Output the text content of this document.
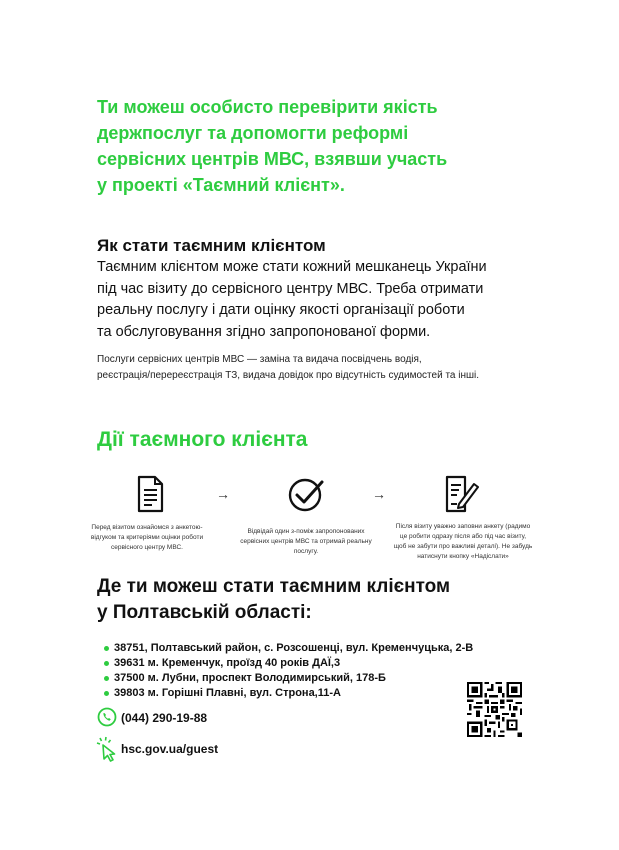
Ти можеш особисто перевірити якість
держпослуг та допомогти реформі
сервісних центрів МВС, взявши участь
у проекті «Таємний клієнт».
Як стати таємним клієнтом
Таємним клієнтом може стати кожний мешканець України
під час візиту до сервісного центру МВС. Треба отримати
реальну послугу і дати оцінку якості організації роботи
та обслуговування згідно запропонованої форми.
Послуги сервісних центрів МВС — заміна та видача посвідчень водія,
реєстрація/перереєстрація ТЗ, видача довідок про відсутність судимостей та інші.
Дії таємного клієнта
→	→
Перед візитом ознайомся з анкетою-
відгуком та критеріями оцінки роботи
сервісного центру МВС.
Відвідай один з-поміж запропонованих
сервісних центрів МВС та отримай реальну
послугу.
Після візиту уважно заповни анкету (радимо
це робити одразу після або під час візиту,
щоб не забути про важливі деталі). Не забудь
натиснути кнопку «Надіслати»
Де ти можеш стати таємним клієнтом
у Полтавській області:
38751, Полтавський район, с. Розсошенці, вул. Кременчуцька, 2-В
39631 м. Кременчук, проїзд 40 років ДАЇ,3
37500 м. Лубни, проспект Володимирський, 178-Б
39803 м. Горішні Плавні, вул. Строна,11-А
(044) 290-19-88
hsc.gov.ua/guest
